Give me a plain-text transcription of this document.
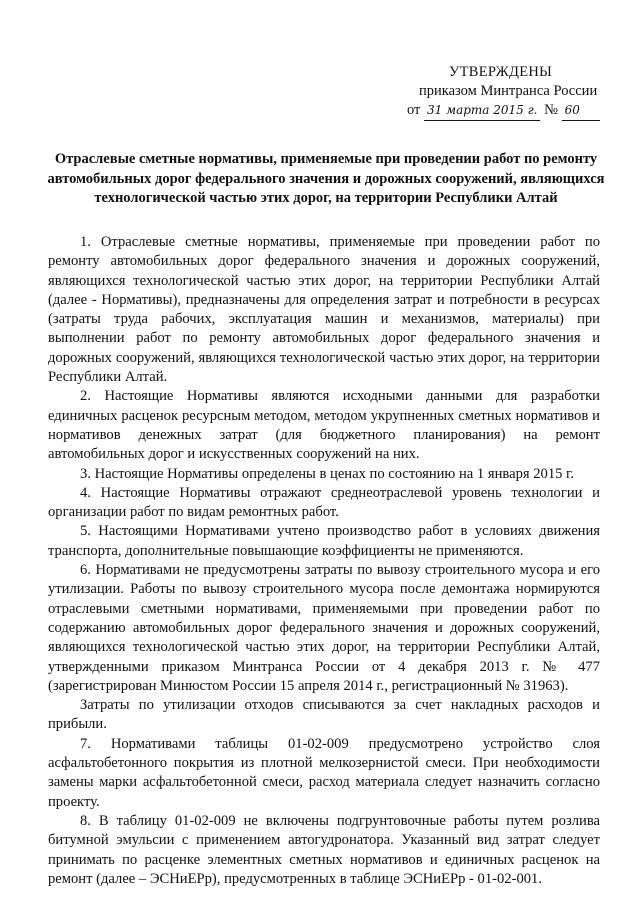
УТВЕРЖДЕНЫ
приказом Минтранса России
от 31 марта 2015 г. № 60
Отраслевые сметные нормативы, применяемые при проведении работ по ремонту автомобильных дорог федерального значения и дорожных сооружений, являющихся технологической частью этих дорог, на территории Республики Алтай

1. Отраслевые сметные нормативы, применяемые при проведении работ по ремонту автомобильных дорог федерального значения и дорожных сооружений, являющихся технологической частью этих дорог, на территории Республики Алтай (далее - Нормативы), предназначены для определения затрат и потребности в ресурсах (затраты труда рабочих, эксплуатация машин и механизмов, материалы) при выполнении работ по ремонту автомобильных дорог федерального значения и дорожных сооружений, являющихся технологической частью этих дорог, на территории Республики Алтай.

2. Настоящие Нормативы являются исходными данными для разработки единичных расценок ресурсным методом, методом укрупненных сметных нормативов и нормативов денежных затрат (для бюджетного планирования) на ремонт автомобильных дорог и искусственных сооружений на них.

3. Настоящие Нормативы определены в ценах по состоянию на 1 января 2015 г.

4. Настоящие Нормативы отражают среднеотраслевой уровень технологии и организации работ по видам ремонтных работ.

5. Настоящими Нормативами учтено производство работ в условиях движения транспорта, дополнительные повышающие коэффициенты не применяются.

6. Нормативами не предусмотрены затраты по вывозу строительного мусора и его утилизации. Работы по вывозу строительного мусора после демонтажа нормируются отраслевыми сметными нормативами, применяемыми при проведении работ по содержанию автомобильных дорог федерального значения и дорожных сооружений, являющихся технологической частью этих дорог, на территории Республики Алтай, утвержденными приказом Минтранса России от 4 декабря 2013 г. № 477 (зарегистрирован Минюстом России 15 апреля 2014 г., регистрационный № 31963).

Затраты по утилизации отходов списываются за счет накладных расходов и прибыли.

7. Нормативами таблицы 01-02-009 предусмотрено устройство слоя асфальтобетонного покрытия из плотной мелкозернистой смеси. При необходимости замены марки асфальтобетонной смеси, расход материала следует назначить согласно проекту.

8. В таблицу 01-02-009 не включены подгрунтовочные работы путем розлива битумной эмульсии с применением автогудронатора. Указанный вид затрат следует принимать по расценке элементных сметных нормативов и единичных расценок на ремонт (далее – ЭСНиЕРр), предусмотренных в таблице ЭСНиЕРр - 01-02-001.
